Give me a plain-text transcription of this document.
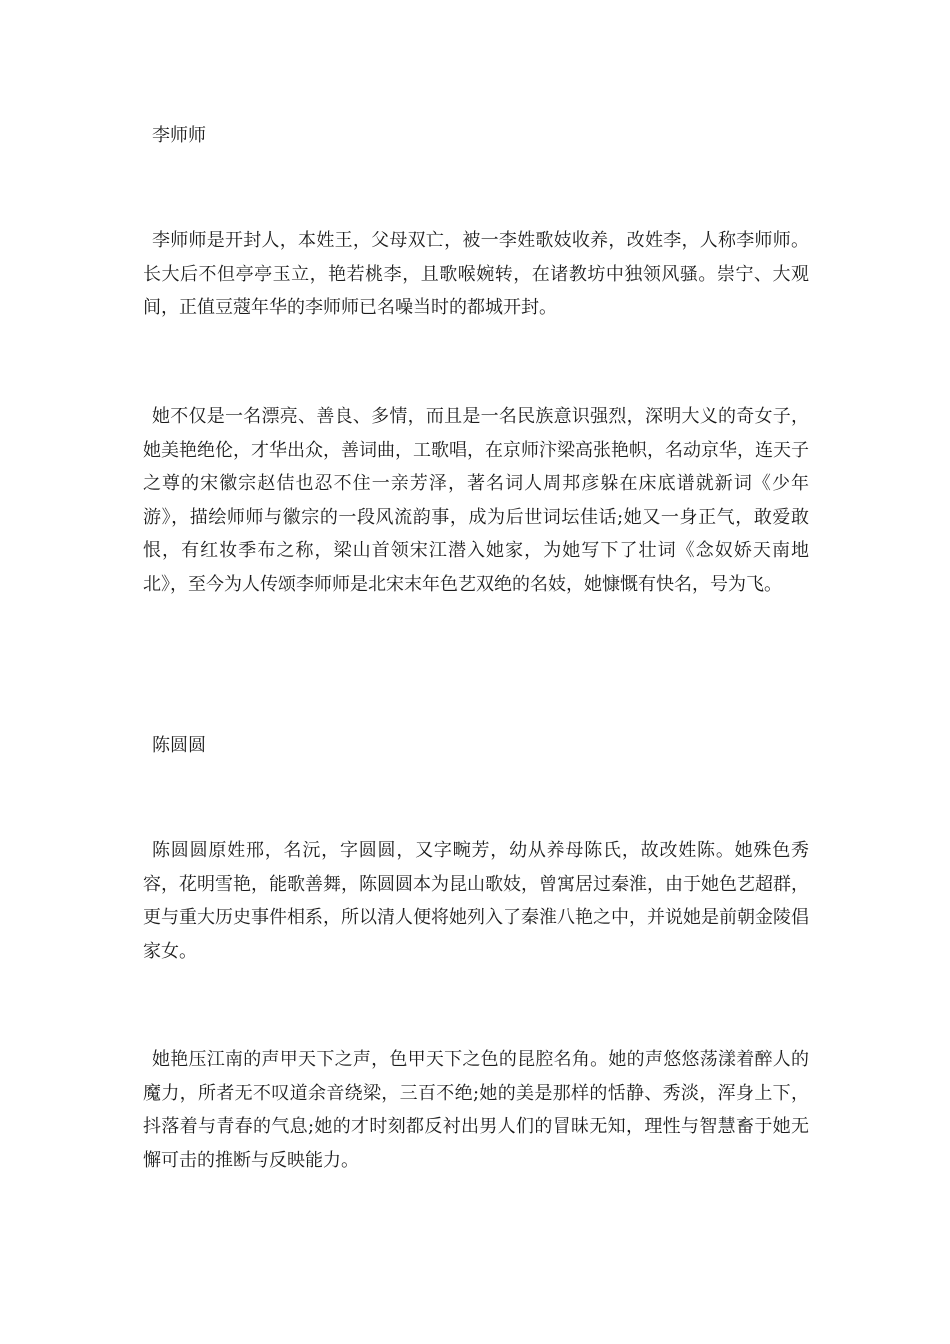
李师师

李师师是开封人，本姓王，父母双亡，被一李姓歌妓收养，改姓李，人称李师师。长大后不但亭亭玉立，艳若桃李，且歌喉婉转，在诸教坊中独领风骚。崇宁、大观间，正值豆蔻年华的李师师已名噪当时的都城开封。

她不仅是一名漂亮、善良、多情，而且是一名民族意识强烈，深明大义的奇女子，她美艳绝伦，才华出众，善词曲，工歌唱，在京师汴梁高张艳帜，名动京华，连天子之尊的宋徽宗赵佶也忍不住一亲芳泽，著名词人周邦彦躲在床底谱就新词《少年游》，描绘师师与徽宗的一段风流韵事，成为后世词坛佳话;她又一身正气，敢爱敢恨，有红妆季布之称，梁山首领宋江潜入她家，为她写下了壮词《念奴娇天南地北》，至今为人传颂李师师是北宋末年色艺双绝的名妓，她慷慨有快名，号为飞。

陈圆圆

陈圆圆原姓邢，名沅，字圆圆，又字畹芳，幼从养母陈氏，故改姓陈。她殊色秀容，花明雪艳，能歌善舞，陈圆圆本为昆山歌妓，曾寓居过秦淮，由于她色艺超群，更与重大历史事件相系，所以清人便将她列入了秦淮八艳之中，并说她是前朝金陵倡家女。

她艳压江南的声甲天下之声，色甲天下之色的昆腔名角。她的声悠悠荡漾着醉人的魔力，所者无不叹道余音绕梁，三百不绝;她的美是那样的恬静、秀淡，浑身上下，抖落着与青春的气息;她的才时刻都反衬出男人们的冒昧无知，理性与智慧畜于她无懈可击的推断与反映能力。
